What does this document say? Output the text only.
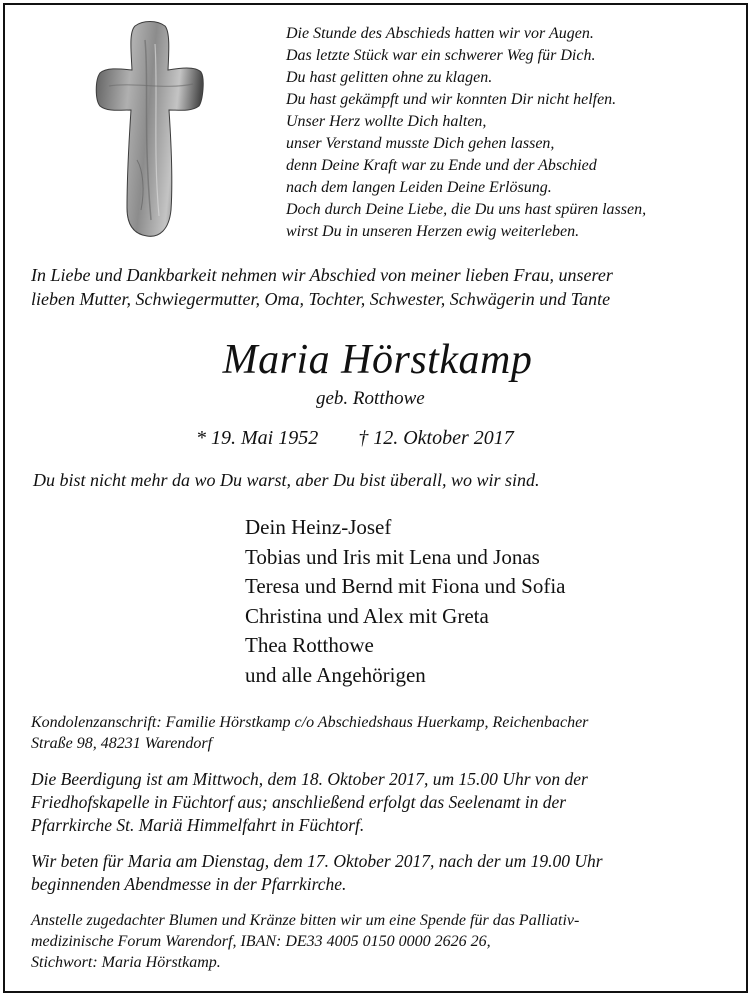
Die Stunde des Abschieds hatten wir vor Augen.
Das letzte Stück war ein schwerer Weg für Dich.
Du hast gelitten ohne zu klagen.
Du hast gekämpft und wir konnten Dir nicht helfen.
Unser Herz wollte Dich halten,
unser Verstand musste Dich gehen lassen,
denn Deine Kraft war zu Ende und der Abschied
nach dem langen Leiden Deine Erlösung.
Doch durch Deine Liebe, die Du uns hast spüren lassen,
wirst Du in unseren Herzen ewig weiterleben.
In Liebe und Dankbarkeit nehmen wir Abschied von meiner lieben Frau, unserer
lieben Mutter, Schwiegermutter, Oma, Tochter, Schwester, Schwägerin und Tante
Maria Hörstkamp
geb. Rotthowe
* 19. Mai 1952 † 12. Oktober 2017
Du bist nicht mehr da wo Du warst, aber Du bist überall, wo wir sind.
Dein Heinz-Josef
Tobias und Iris mit Lena und Jonas
Teresa und Bernd mit Fiona und Sofia
Christina und Alex mit Greta
Thea Rotthowe
und alle Angehörigen
Kondolenzanschrift: Familie Hörstkamp c/o Abschiedshaus Huerkamp, Reichenbacher
Straße 98, 48231 Warendorf
Die Beerdigung ist am Mittwoch, dem 18. Oktober 2017, um 15.00 Uhr von der
Friedhofskapelle in Füchtorf aus; anschließend erfolgt das Seelenamt in der
Pfarrkirche St. Mariä Himmelfahrt in Füchtorf.
Wir beten für Maria am Dienstag, dem 17. Oktober 2017, nach der um 19.00 Uhr
beginnenden Abendmesse in der Pfarrkirche.
Anstelle zugedachter Blumen und Kränze bitten wir um eine Spende für das Palliativ-
medizinische Forum Warendorf, IBAN: DE33 4005 0150 0000 2626 26,
Stichwort: Maria Hörstkamp.
